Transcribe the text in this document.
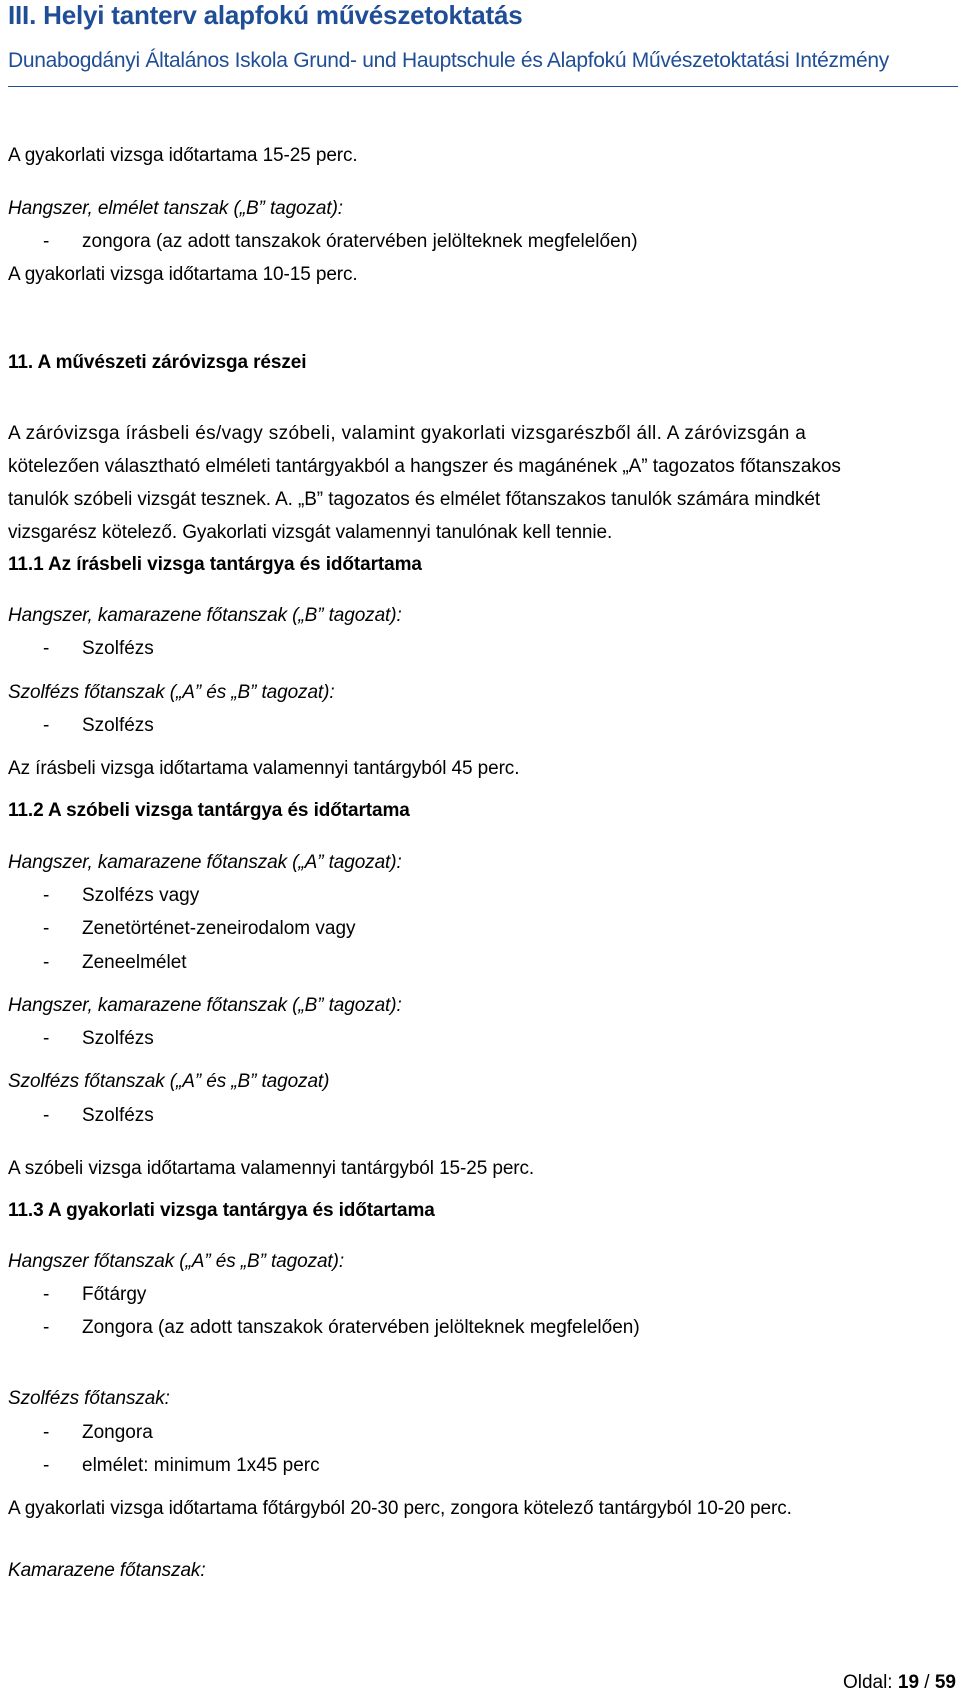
III. Helyi tanterv alapfokú művészetoktatás
Dunabogdányi Általános Iskola Grund- und Hauptschule és Alapfokú Művészetoktatási Intézmény
A gyakorlati vizsga időtartama 15-25 perc.
Hangszer, elmélet tanszak („B” tagozat):
- zongora (az adott tanszakok óratervében jelölteknek megfelelően)
A gyakorlati vizsga időtartama 10-15 perc.
11. A művészeti záróvizsga részei
A záróvizsga írásbeli és/vagy szóbeli, valamint gyakorlati vizsgarészből áll. A záróvizsgán a
kötelezően választható elméleti tantárgyakból a hangszer és magánének „A” tagozatos főtanszakos
tanulók szóbeli vizsgát tesznek. A. „B” tagozatos és elmélet főtanszakos tanulók számára mindkét
vizsgarész kötelező. Gyakorlati vizsgát valamennyi tanulónak kell tennie.
11.1 Az írásbeli vizsga tantárgya és időtartama
Hangszer, kamarazene főtanszak („B” tagozat):
- Szolfézs
Szolfézs főtanszak („A” és „B” tagozat):
- Szolfézs
Az írásbeli vizsga időtartama valamennyi tantárgyból 45 perc.
11.2 A szóbeli vizsga tantárgya és időtartama
Hangszer, kamarazene főtanszak („A” tagozat):
- Szolfézs vagy
- Zenetörténet-zeneirodalom vagy
- Zeneelmélet
Hangszer, kamarazene főtanszak („B” tagozat):
- Szolfézs
Szolfézs főtanszak („A” és „B” tagozat)
- Szolfézs
A szóbeli vizsga időtartama valamennyi tantárgyból 15-25 perc.
11.3 A gyakorlati vizsga tantárgya és időtartama
Hangszer főtanszak („A” és „B” tagozat):
- Főtárgy
- Zongora (az adott tanszakok óratervében jelölteknek megfelelően)
Szolfézs főtanszak:
- Zongora
- elmélet: minimum 1x45 perc
A gyakorlati vizsga időtartama főtárgyból 20-30 perc, zongora kötelező tantárgyból 10-20 perc.
Kamarazene főtanszak:
Oldal: 19 / 59
